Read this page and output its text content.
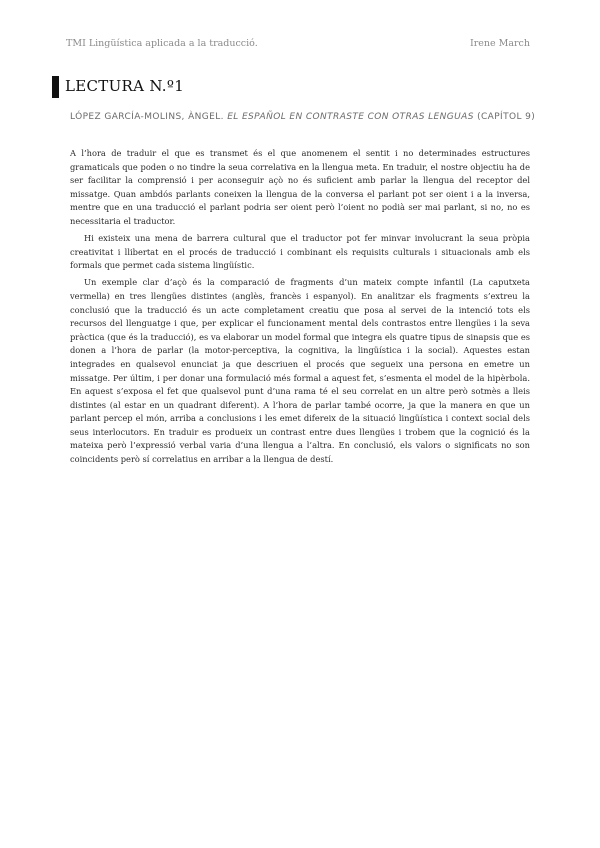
TMI Lingüística aplicada a la traducció.	Irene March
LECTURA N.º1
LÓPEZ GARCÍA-MOLINS, ÀNGEL. EL ESPAÑOL EN CONTRASTE CON OTRAS LENGUAS (CAPÍTOL 9)

A l’hora de traduir el que es transmet és el que anomenem el sentit i no determinades estructures gramaticals que poden o no tindre la seua correlativa en la llengua meta. En traduir, el nostre objectiu ha de ser facilitar la comprensió i per aconseguir açò no és suficient amb parlar la llengua del receptor del missatge. Quan ambdós parlants coneixen la llengua de la conversa el parlant pot ser oient i a la inversa, mentre que en una traducció el parlant podria ser oient però l’oient no podià ser mai parlant, si no, no es necessitaria el traductor.

Hi existeix una mena de barrera cultural que el traductor pot fer minvar involucrant la seua pròpia creativitat i llibertat en el procés de traducció i combinant els requisits culturals i situacionals amb els formals que permet cada sistema lingüístic.

Un exemple clar d’açò és la comparació de fragments d’un mateix compte infantil (La caputxeta vermella) en tres llengües distintes (anglès, francès i espanyol). En analitzar els fragments s’extreu la conclusió que la traducció és un acte completament creatiu que posa al servei de la intenció tots els recursos del llenguatge i que, per explicar el funcionament mental dels contrastos entre llengües i la seva pràctica (que és la traducció), es va elaborar un model formal que integra els quatre tipus de sinapsis que es donen a l’hora de parlar (la motor-perceptiva, la cognitiva, la lingüística i la social). Aquestes estan integrades en qualsevol enunciat ja que descriuen el procés que segueix una persona en emetre un missatge. Per últim, i per donar una formulació més formal a aquest fet, s’esmenta el model de la hipèrbola. En aquest s’exposa el fet que qualsevol punt d’una rama té el seu correlat en un altre però sotmès a lleis distintes (al estar en un quadrant diferent). A l’hora de parlar també ocorre, ja que la manera en que un parlant percep el món, arriba a conclusions i les emet difereix de la situació lingüística i context social dels seus interlocutors. En traduir es produeix un contrast entre dues llengües i trobem que la cognició és la mateixa però l’expressió verbal varia d’una llengua a l’altra. En conclusió, els valors o significats no son coincidents però sí correlatius en arribar a la llengua de destí.
